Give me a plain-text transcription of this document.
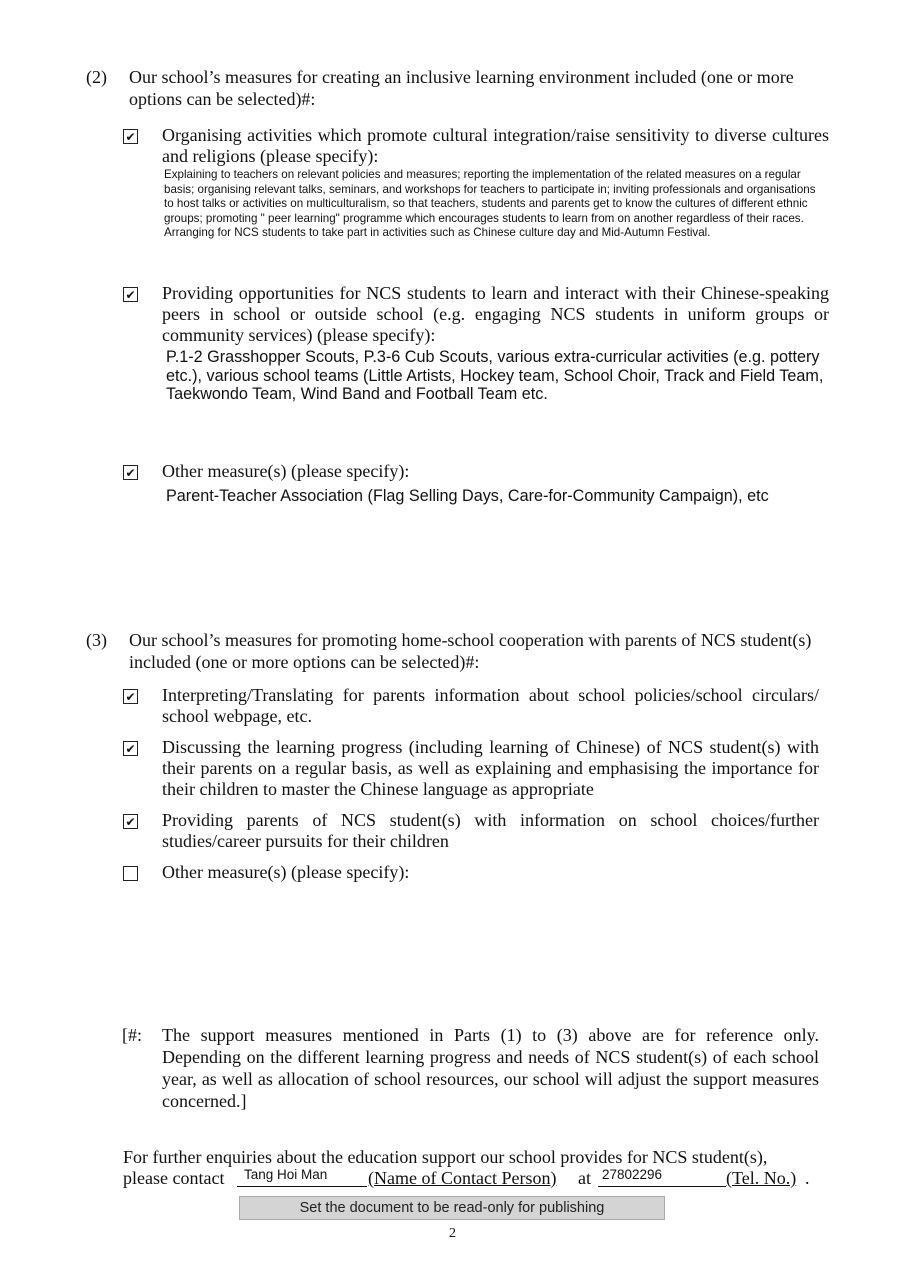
(2) Our school’s measures for creating an inclusive learning environment included (one or more options can be selected)#:
✔ Organising activities which promote cultural integration/raise sensitivity to diverse cultures and religions (please specify):
Explaining to teachers on relevant policies and measures; reporting the implementation of the related measures on a regular basis; organising relevant talks, seminars, and workshops for teachers to participate in; inviting professionals and organisations to host talks or activities on multiculturalism, so that teachers, students and parents get to know the cultures of different ethnic groups; promoting " peer learning" programme which encourages students to learn from on another regardless of their races. Arranging for NCS students to take part in activities such as Chinese culture day and Mid-Autumn Festival.
✔ Providing opportunities for NCS students to learn and interact with their Chinese-speaking peers in school or outside school (e.g. engaging NCS students in uniform groups or community services) (please specify):
P.1-2 Grasshopper Scouts, P.3-6 Cub Scouts, various extra-curricular activities (e.g. pottery etc.), various school teams (Little Artists, Hockey team, School Choir, Track and Field Team, Taekwondo Team, Wind Band and Football Team etc.
✔ Other measure(s) (please specify):
Parent-Teacher Association (Flag Selling Days, Care-for-Community Campaign), etc
(3) Our school’s measures for promoting home-school cooperation with parents of NCS student(s) included (one or more options can be selected)#:
✔ Interpreting/Translating for parents information about school policies/school circulars/ school webpage, etc.
✔ Discussing the learning progress (including learning of Chinese) of NCS student(s) with their parents on a regular basis, as well as explaining and emphasising the importance for their children to master the Chinese language as appropriate
✔ Providing parents of NCS student(s) with information on school choices/further studies/career pursuits for their children
Other measure(s) (please specify):
[#: The support measures mentioned in Parts (1) to (3) above are for reference only. Depending on the different learning progress and needs of NCS student(s) of each school year, as well as allocation of school resources, our school will adjust the support measures concerned.]
For further enquiries about the education support our school provides for NCS student(s),
please contact Tang Hoi Man (Name of Contact Person) at 27802296	(Tel. No.) .
Set the document to be read-only for publishing
2
